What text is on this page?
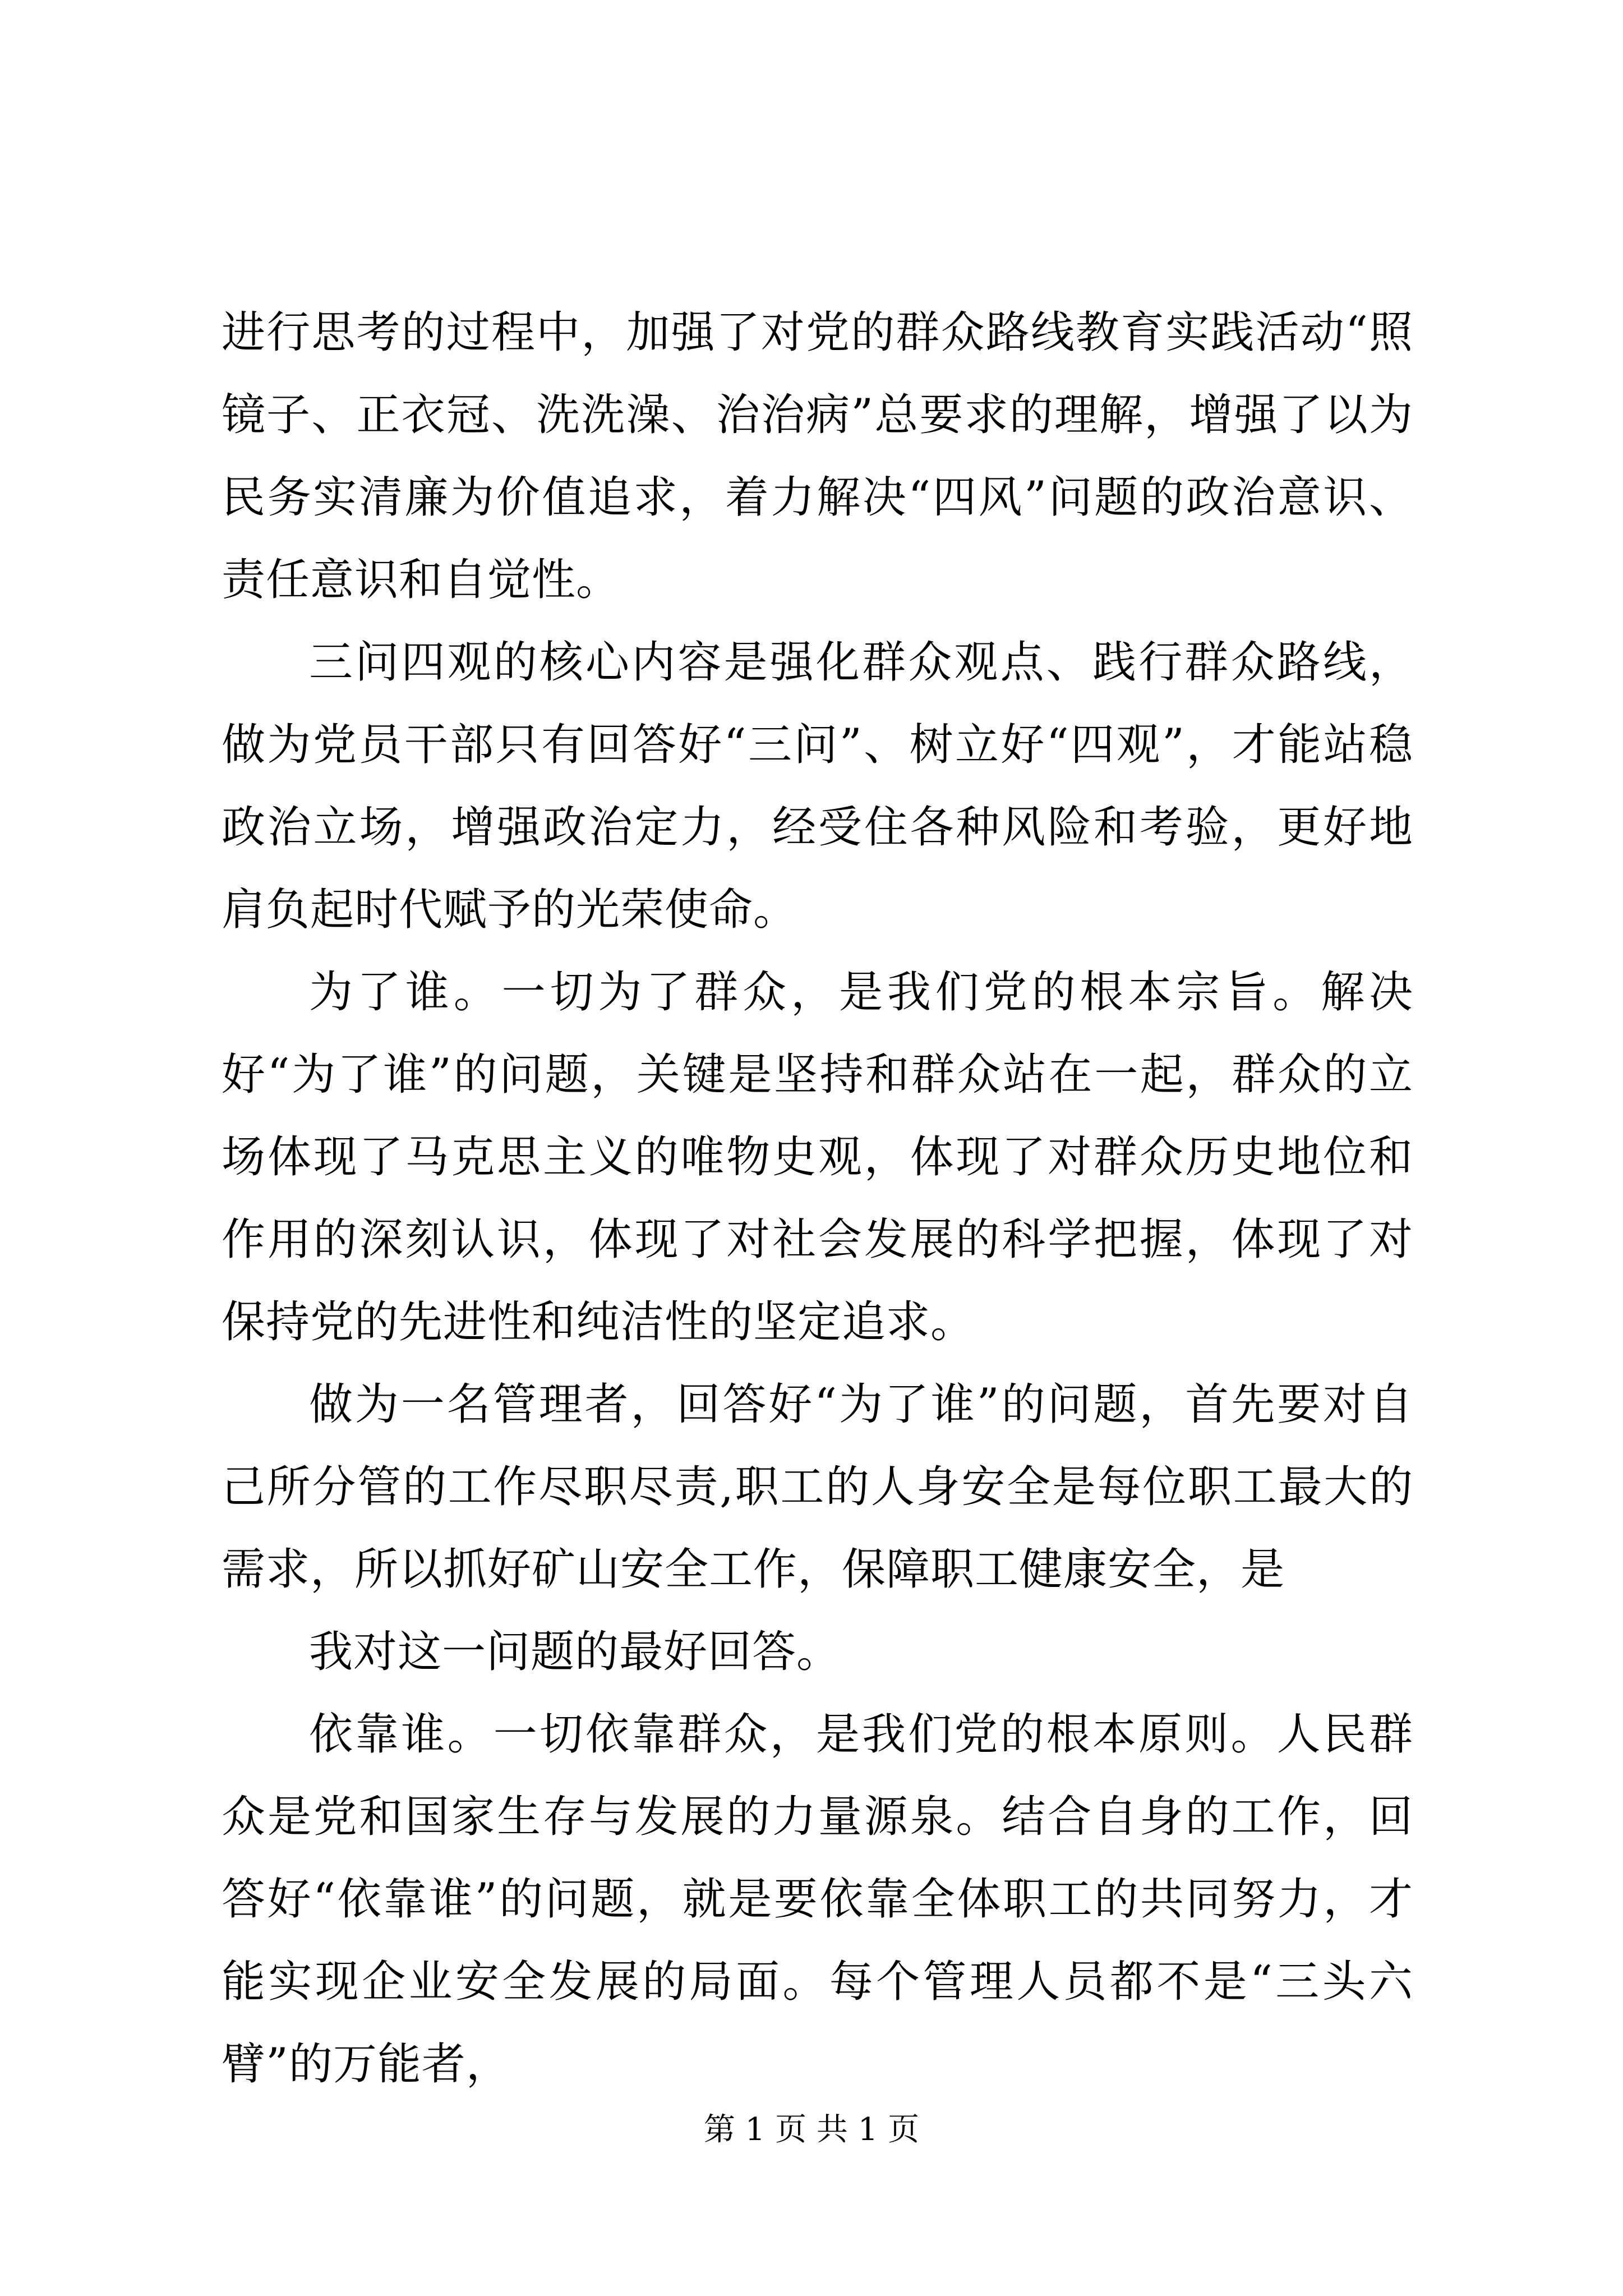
进行思考的过程中，加强了对党的群众路线教育实践活动“照镜子、正衣冠、洗洗澡、治治病”总要求的理解，增强了以为民务实清廉为价值追求，着力解决“四风”问题的政治意识、责任意识和自觉性。

三问四观的核心内容是强化群众观点、践行群众路线，做为党员干部只有回答好“三问”、树立好“四观”，才能站稳政治立场，增强政治定力，经受住各种风险和考验，更好地肩负起时代赋予的光荣使命。

为了谁。一切为了群众，是我们党的根本宗旨。解决好“为了谁”的问题，关键是坚持和群众站在一起，群众的立场体现了马克思主义的唯物史观，体现了对群众历史地位和作用的深刻认识，体现了对社会发展的科学把握，体现了对保持党的先进性和纯洁性的坚定追求。

做为一名管理者，回答好“为了谁”的问题，首先要对自己所分管的工作尽职尽责,职工的人身安全是每位职工最大的需求，所以抓好矿山安全工作，保障职工健康安全，是

我对这一问题的最好回答。

依靠谁。一切依靠群众，是我们党的根本原则。人民群众是党和国家生存与发展的力量源泉。结合自身的工作，回答好“依靠谁”的问题，就是要依靠全体职工的共同努力，才能实现企业安全发展的局面。每个管理人员都不是“三头六臂”的万能者，

第 1 页 共 1 页
